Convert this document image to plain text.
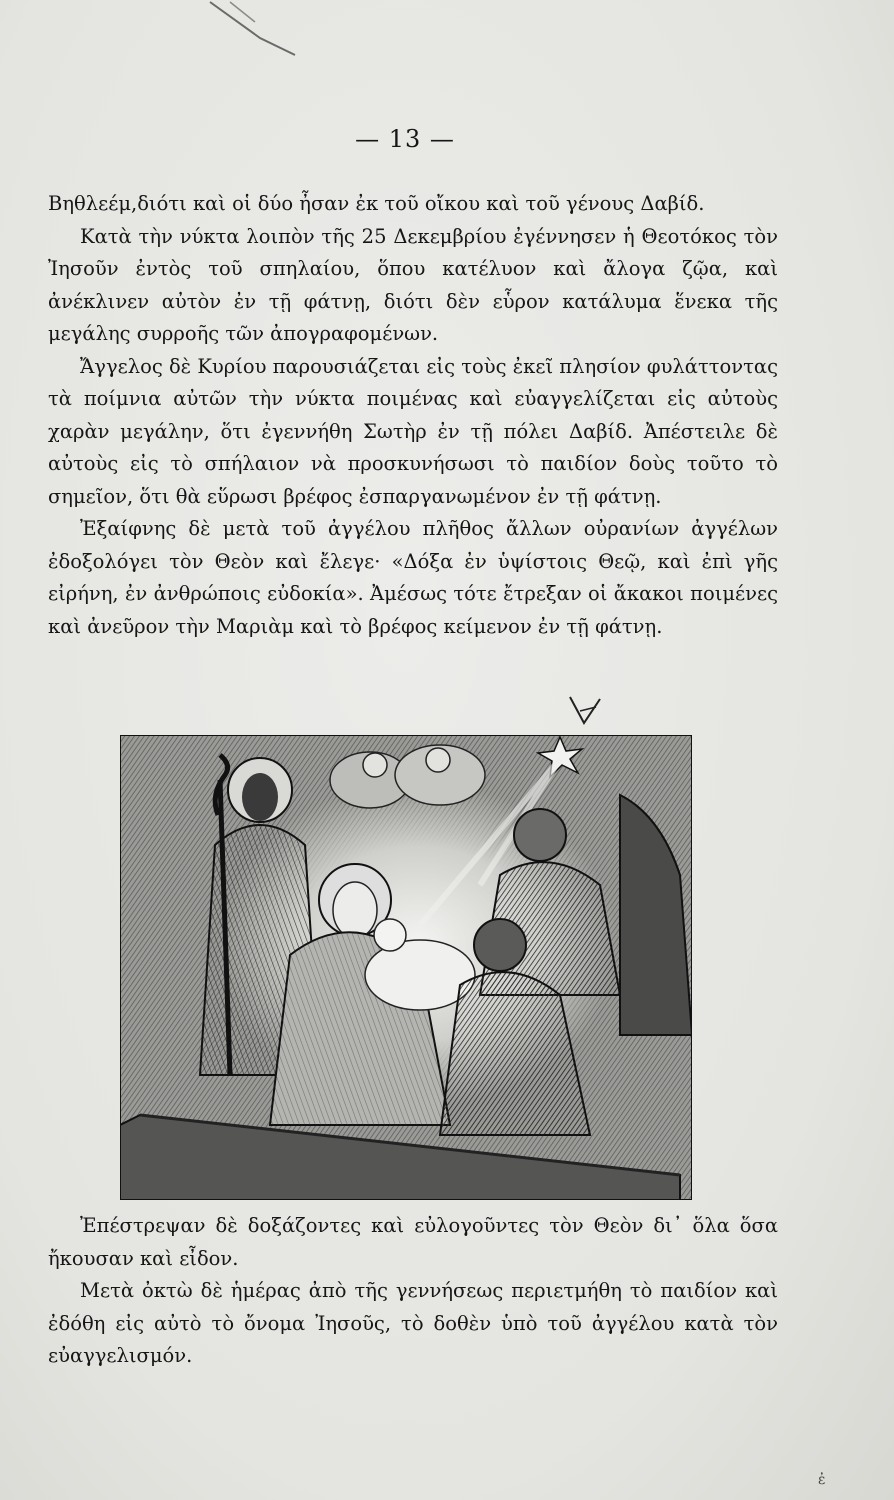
— 13 —

Βηθλεέμ,διότι καὶ οἱ δύο ἦσαν ἐκ τοῦ οἴκου καὶ τοῦ γένους Δαβίδ.

Κατὰ τὴν νύκτα λοιπὸν τῆς 25 Δεκεμβρίου ἐγέννησεν ἡ Θεοτόκος τὸν Ἰησοῦν ἐντὸς τοῦ σπηλαίου, ὅπου κατέλυον καὶ ἄλογα ζῷα, καὶ ἀνέκλινεν αὐτὸν ἐν τῇ φάτνῃ, διότι δὲν εὗρον κατάλυμα ἕνεκα τῆς μεγάλης συρροῆς τῶν ἀπογραφομένων.

Ἄγγελος δὲ Κυρίου παρουσιάζεται εἰς τοὺς ἐκεῖ πλησίον φυλάττοντας τὰ ποίμνια αὐτῶν τὴν νύκτα ποιμένας καὶ εὐαγγελίζεται εἰς αὐτοὺς χαρὰν μεγάλην, ὅτι ἐγεννήθη Σωτὴρ ἐν τῇ πόλει Δαβίδ. Ἀπέστειλε δὲ αὐτοὺς εἰς τὸ σπήλαιον νὰ προσκυνήσωσι τὸ παιδίον δοὺς τοῦτο τὸ σημεῖον, ὅτι θὰ εὕρωσι βρέφος ἐσπαργανωμένον ἐν τῇ φάτνῃ.

Ἐξαίφνης δὲ μετὰ τοῦ ἀγγέλου πλῆθος ἄλλων οὐρανίων ἀγγέλων ἐδοξολόγει τὸν Θεὸν καὶ ἔλεγε· «Δόξα ἐν ὑψίστοις Θεῷ, καὶ ἐπὶ γῆς εἰρήνη, ἐν ἀνθρώποις εὐδοκία». Ἀμέσως τότε ἔτρεξαν οἱ ἄκακοι ποιμένες καὶ ἀνεῦρον τὴν Μαριὰμ καὶ τὸ βρέφος κείμενον ἐν τῇ φάτνῃ.

Ἐπέστρεψαν δὲ δοξάζοντες καὶ εὐλογοῦντες τὸν Θεὸν δι᾽ ὅλα ὅσα ἤκουσαν καὶ εἶδον.

Μετὰ ὀκτὼ δὲ ἡμέρας ἀπὸ τῆς γεννήσεως περιετμήθη τὸ παιδίον καὶ ἐδόθη εἰς αὐτὸ τὸ ὄνομα Ἰησοῦς, τὸ δοθὲν ὑπὸ τοῦ ἀγγέλου κατὰ τὸν εὐαγγελισμόν.

ἐ
